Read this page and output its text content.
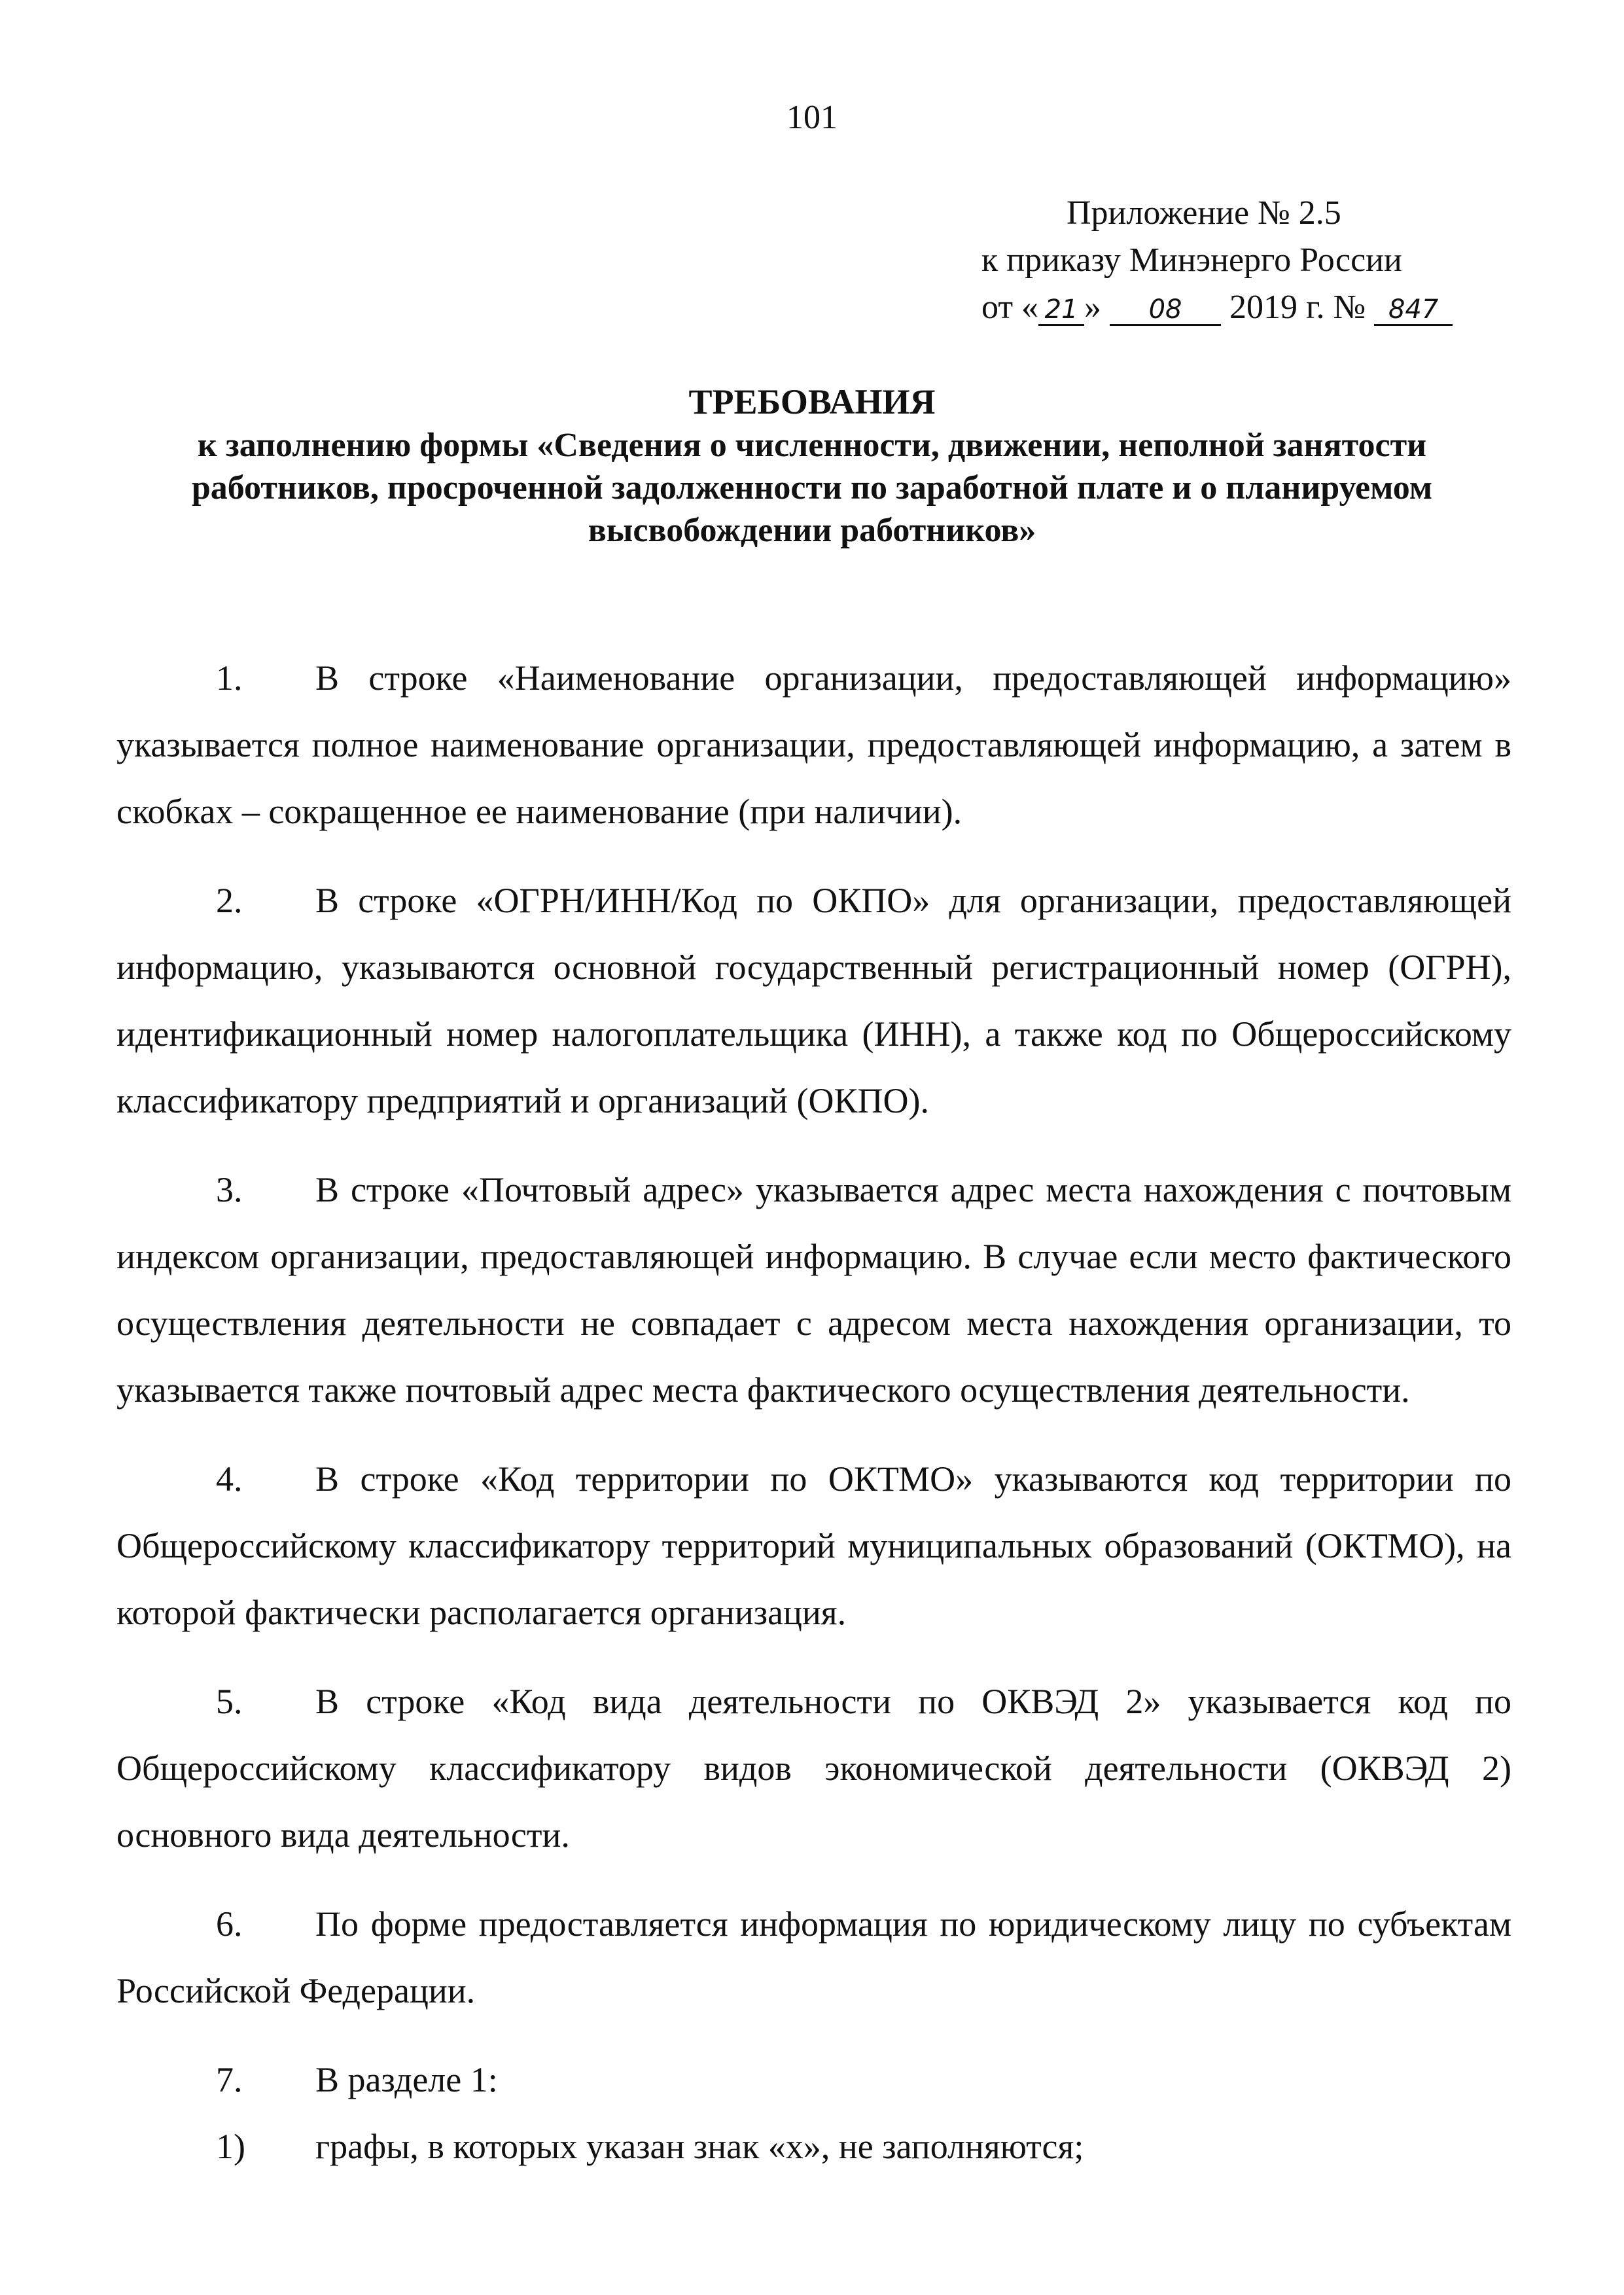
101
Приложение № 2.5
к приказу Минэнерго России
от « 21 » 08 2019 г. № 847
ТРЕБОВАНИЯ
к заполнению формы «Сведения о численности, движении, неполной занятости работников, просроченной задолженности по заработной плате и о планируемом высвобождении работников»

1. В строке «Наименование организации, предоставляющей информацию» указывается полное наименование организации, предоставляющей информацию, а затем в скобках – сокращенное ее наименование (при наличии).

2. В строке «ОГРН/ИНН/Код по ОКПО» для организации, предоставляющей информацию, указываются основной государственный регистрационный номер (ОГРН), идентификационный номер налогоплательщика (ИНН), а также код по Общероссийскому классификатору предприятий и организаций (ОКПО).

3. В строке «Почтовый адрес» указывается адрес места нахождения с почтовым индексом организации, предоставляющей информацию. В случае если место фактического осуществления деятельности не совпадает с адресом места нахождения организации, то указывается также почтовый адрес места фактического осуществления деятельности.

4. В строке «Код территории по ОКТМО» указываются код территории по Общероссийскому классификатору территорий муниципальных образований (ОКТМО), на которой фактически располагается организация.

5. В строке «Код вида деятельности по ОКВЭД 2» указывается код по Общероссийскому классификатору видов экономической деятельности (ОКВЭД 2) основного вида деятельности.

6. По форме предоставляется информация по юридическому лицу по субъектам Российской Федерации.

7. В разделе 1:

1) графы, в которых указан знак «х», не заполняются;
